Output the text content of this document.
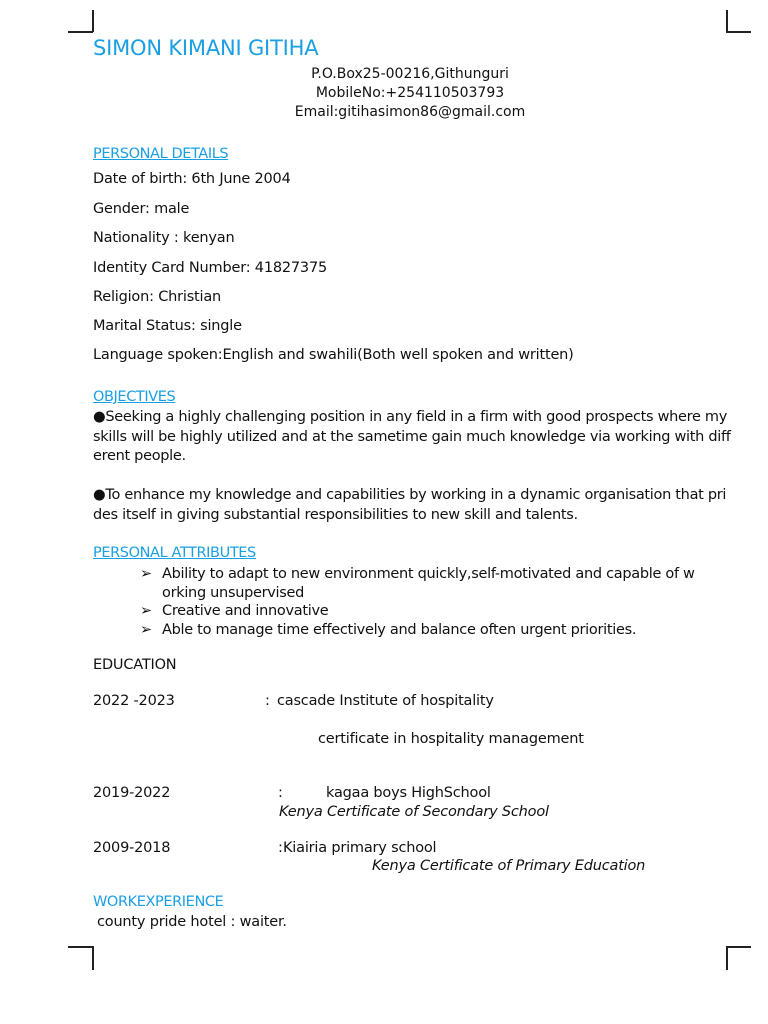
SIMON KIMANI GITIHA
P.O.Box25-00216,Githunguri
MobileNo:+254110503793
Email:gitihasimon86@gmail.com
PERSONAL DETAILS
Date of birth: 6th June 2004
Gender: male
Nationality : kenyan
Identity Card Number: 41827375
Religion: Christian
Marital Status: single
Language spoken:English and swahili(Both well spoken and written)
OBJECTIVES
●Seeking a highly challenging position in any field in a firm with good prospects where my skills will be highly utilized and at the sametime gain much knowledge via working with different people.
●To enhance my knowledge and capabilities by working in a dynamic organisation that prides itself in giving substantial responsibilities to new skill and talents.
PERSONAL ATTRIBUTES
➢ Ability to adapt to new environment quickly,self-motivated and capable of w
orking unsupervised
➢ Creative and innovative
➢ Able to manage time effectively and balance often urgent priorities.
EDUCATION
2022 -2023	: cascade Institute of hospitality
certificate in hospitality management
2019-2022	:	kagaa boys HighSchool
Kenya Certificate of Secondary School
2009-2018	: Kiairia primary school
Kenya Certificate of Primary Education
WORKEXPERIENCE
county pride hotel : waiter.
